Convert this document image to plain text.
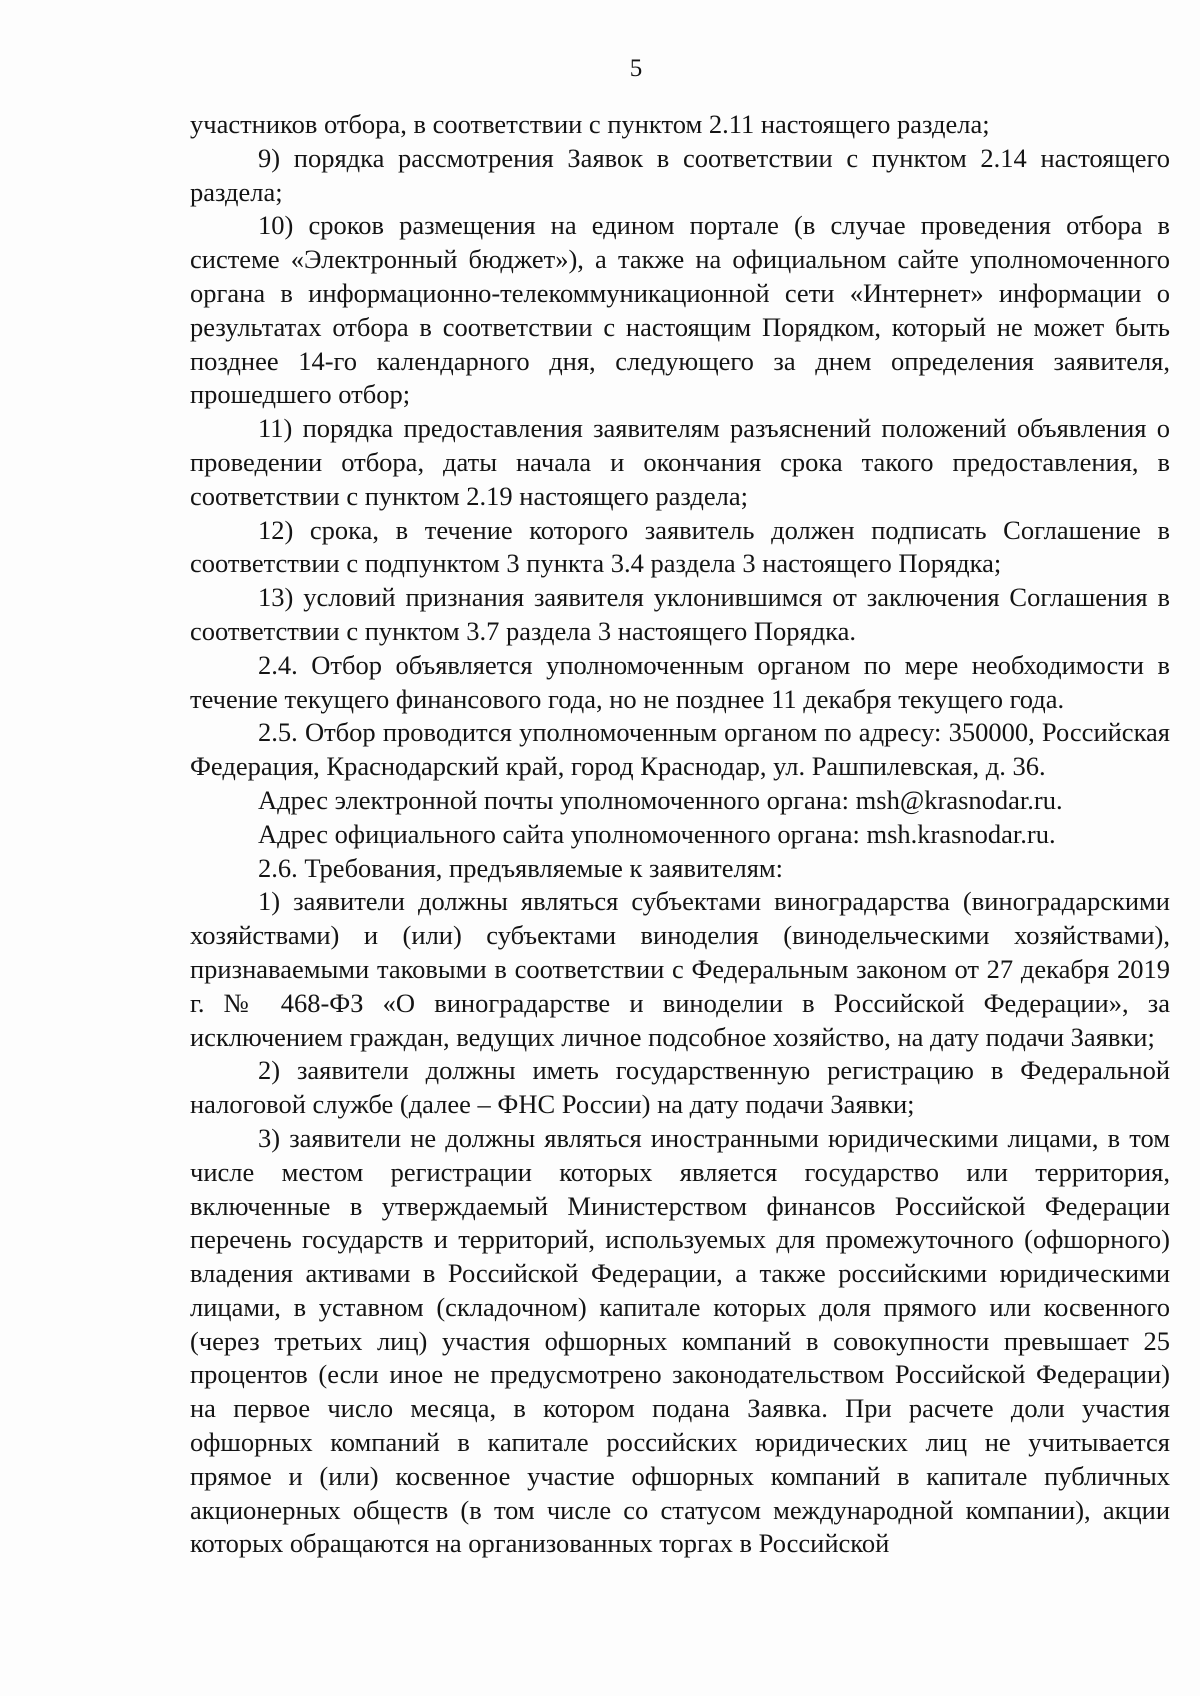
5

участников отбора, в соответствии с пунктом 2.11 настоящего раздела;

9) порядка рассмотрения Заявок в соответствии с пунктом 2.14 настоящего раздела;

10) сроков размещения на едином портале (в случае проведения отбора в системе «Электронный бюджет»), а также на официальном сайте уполномоченного органа в информационно-телекоммуникационной сети «Интернет» информации о результатах отбора в соответствии с настоящим Порядком, который не может быть позднее 14-го календарного дня, следующего за днем определения заявителя, прошедшего отбор;

11) порядка предоставления заявителям разъяснений положений объявления о проведении отбора, даты начала и окончания срока такого предоставления, в соответствии с пунктом 2.19 настоящего раздела;

12) срока, в течение которого заявитель должен подписать Соглашение в соответствии с подпунктом 3 пункта 3.4 раздела 3 настоящего Порядка;

13) условий признания заявителя уклонившимся от заключения Соглашения в соответствии с пунктом 3.7 раздела 3 настоящего Порядка.

2.4. Отбор объявляется уполномоченным органом по мере необходимости в течение текущего финансового года, но не позднее 11 декабря текущего года.

2.5. Отбор проводится уполномоченным органом по адресу: 350000, Российская Федерация, Краснодарский край, город Краснодар, ул. Рашпилевская, д. 36.

Адрес электронной почты уполномоченного органа: msh@krasnodar.ru.

Адрес официального сайта уполномоченного органа: msh.krasnodar.ru.

2.6. Требования, предъявляемые к заявителям:

1) заявители должны являться субъектами виноградарства (виноградарскими хозяйствами) и (или) субъектами виноделия (винодельческими хозяйствами), признаваемыми таковыми в соответствии с Федеральным законом от 27 декабря 2019 г. № 468-ФЗ «О виноградарстве и виноделии в Российской Федерации», за исключением граждан, ведущих личное подсобное хозяйство, на дату подачи Заявки;

2) заявители должны иметь государственную регистрацию в Федеральной налоговой службе (далее – ФНС России) на дату подачи Заявки;

3) заявители не должны являться иностранными юридическими лицами, в том числе местом регистрации которых является государство или территория, включенные в утверждаемый Министерством финансов Российской Федерации перечень государств и территорий, используемых для промежуточного (офшорного) владения активами в Российской Федерации, а также российскими юридическими лицами, в уставном (складочном) капитале которых доля прямого или косвенного (через третьих лиц) участия офшорных компаний в совокупности превышает 25 процентов (если иное не предусмотрено законодательством Российской Федерации) на первое число месяца, в котором подана Заявка. При расчете доли участия офшорных компаний в капитале российских юридических лиц не учитывается прямое и (или) косвенное участие офшорных компаний в капитале публичных акционерных обществ (в том числе со статусом международной компании), акции которых обращаются на организованных торгах в Российской
